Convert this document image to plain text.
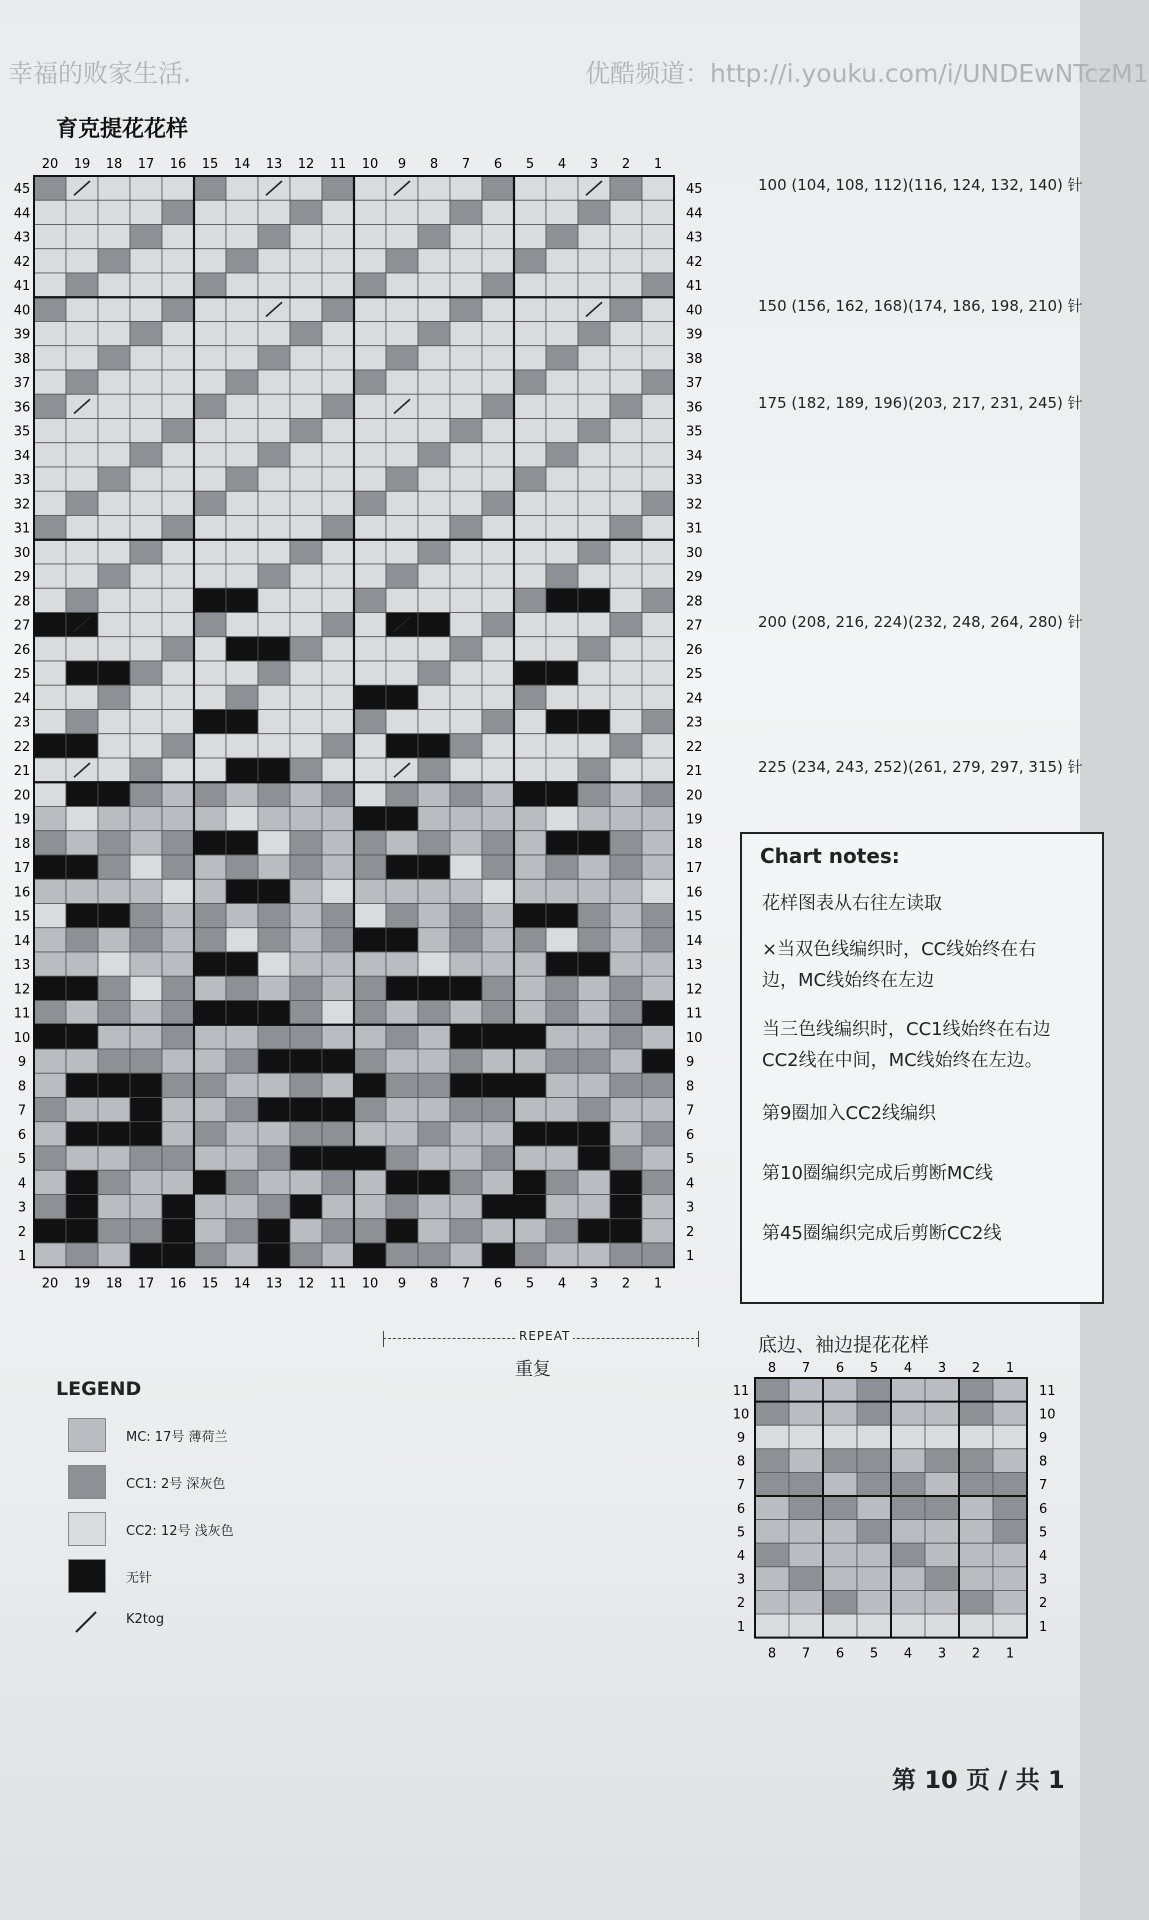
幸福的败家生活.	优酷频道：http://i.youku.com/i/UNDEwNTczM1
育克提花花样
45	45
44	44
43	43
42	42
41	41
40	40
39	39
38	38
37	37
36	36
35	35
34	34
33	33
32	32
31	31
30	30
29	29
28	28
27	27
26	26
25	25
24	24
23	23
22	22
21	21
20	20
19	19
18	18
17	17
16	16
15	15
14	14
13	13
12	12
11	11
10	10
9	9
8	8
7	7
6	6
5	5
4	4
3	3
2	2
1	1
20
20
19
19
18
18
17
17
16
16
15
15
14
14
13
13
12
12
11
11
10
10
9
9
8
8
7
7
6
6
5
5
4
4
3
3
2
2
1
1
100 (104, 108, 112)(116, 124, 132, 140) 针
150 (156, 162, 168)(174, 186, 198, 210) 针
175 (182, 189, 196)(203, 217, 231, 245) 针
200 (208, 216, 224)(232, 248, 264, 280) 针
225 (234, 243, 252)(261, 279, 297, 315) 针
Chart notes:
花样图表从右往左读取
×当双色线编织时，CC线始终在右
边，MC线始终在左边
当三色线编织时，CC1线始终在右边
CC2线在中间，MC线始终在左边。
第9圈加入CC2线编织
第10圈编织完成后剪断MC线
第45圈编织完成后剪断CC2线
REPEAT
重复
LEGEND
MC: 17号 薄荷兰
CC1: 2号 深灰色
CC2: 12号 浅灰色
无针
K2tog
底边、袖边提花花样
11	11
10	10
9	9
8	8
7	7
6	6
5	5
4	4
3	3
2	2
1	1
8
8
7
7
6
6
5
5
4
4
3
3
2
2
1
1
第 10 页 / 共 1
